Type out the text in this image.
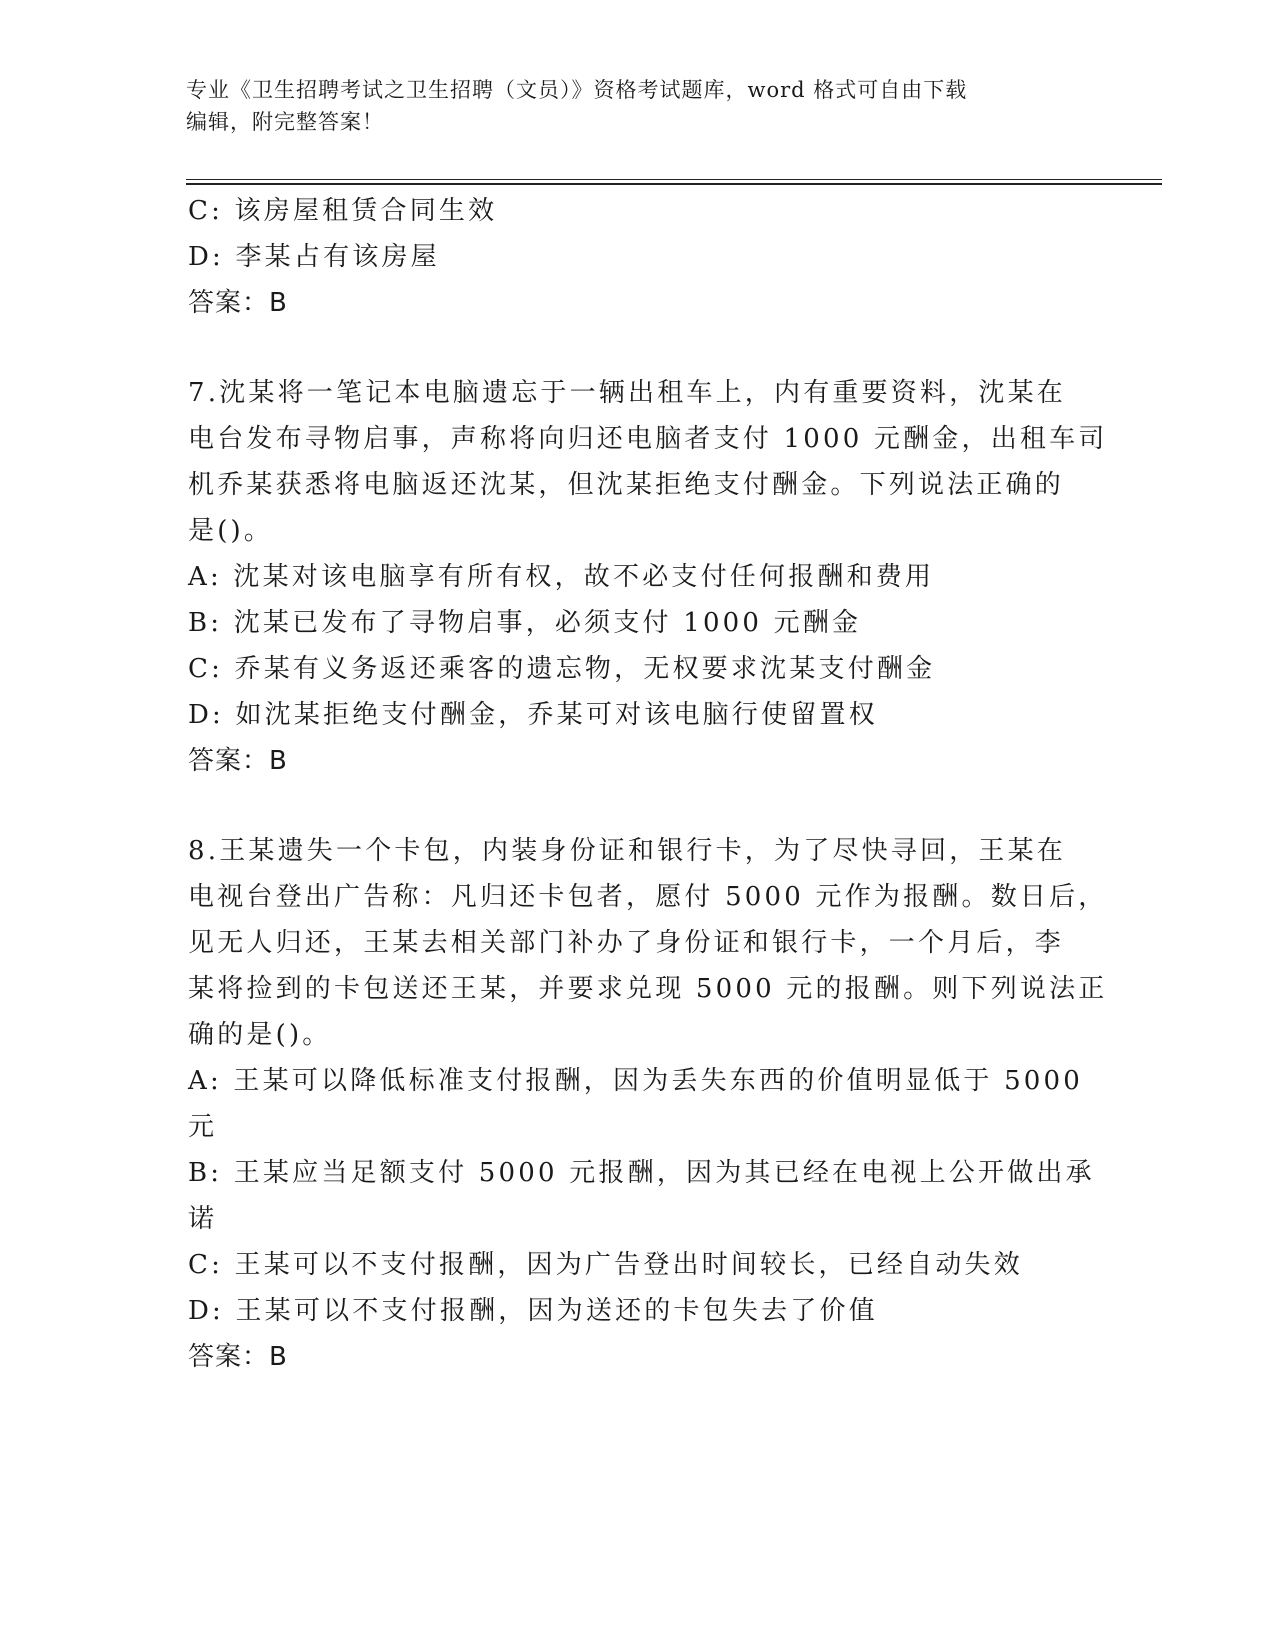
专业《卫生招聘考试之卫生招聘（文员）》资格考试题库，word 格式可自由下载
编辑，附完整答案！
C: 该房屋租赁合同生效
D: 李某占有该房屋
答案：B
7.沈某将一笔记本电脑遗忘于一辆出租车上，内有重要资料，沈某在
电台发布寻物启事，声称将向归还电脑者支付 1000 元酬金，出租车司
机乔某获悉将电脑返还沈某，但沈某拒绝支付酬金。下列说法正确的
是()。
A: 沈某对该电脑享有所有权，故不必支付任何报酬和费用
B: 沈某已发布了寻物启事，必须支付 1000 元酬金
C: 乔某有义务返还乘客的遗忘物，无权要求沈某支付酬金
D: 如沈某拒绝支付酬金，乔某可对该电脑行使留置权
答案：B
8.王某遗失一个卡包，内装身份证和银行卡，为了尽快寻回，王某在
电视台登出广告称：凡归还卡包者，愿付 5000 元作为报酬。数日后，
见无人归还，王某去相关部门补办了身份证和银行卡，一个月后，李
某将捡到的卡包送还王某，并要求兑现 5000 元的报酬。则下列说法正
确的是()。
A: 王某可以降低标准支付报酬，因为丢失东西的价值明显低于 5000
元
B: 王某应当足额支付 5000 元报酬，因为其已经在电视上公开做出承
诺
C: 王某可以不支付报酬，因为广告登出时间较长，已经自动失效
D: 王某可以不支付报酬，因为送还的卡包失去了价值
答案：B
